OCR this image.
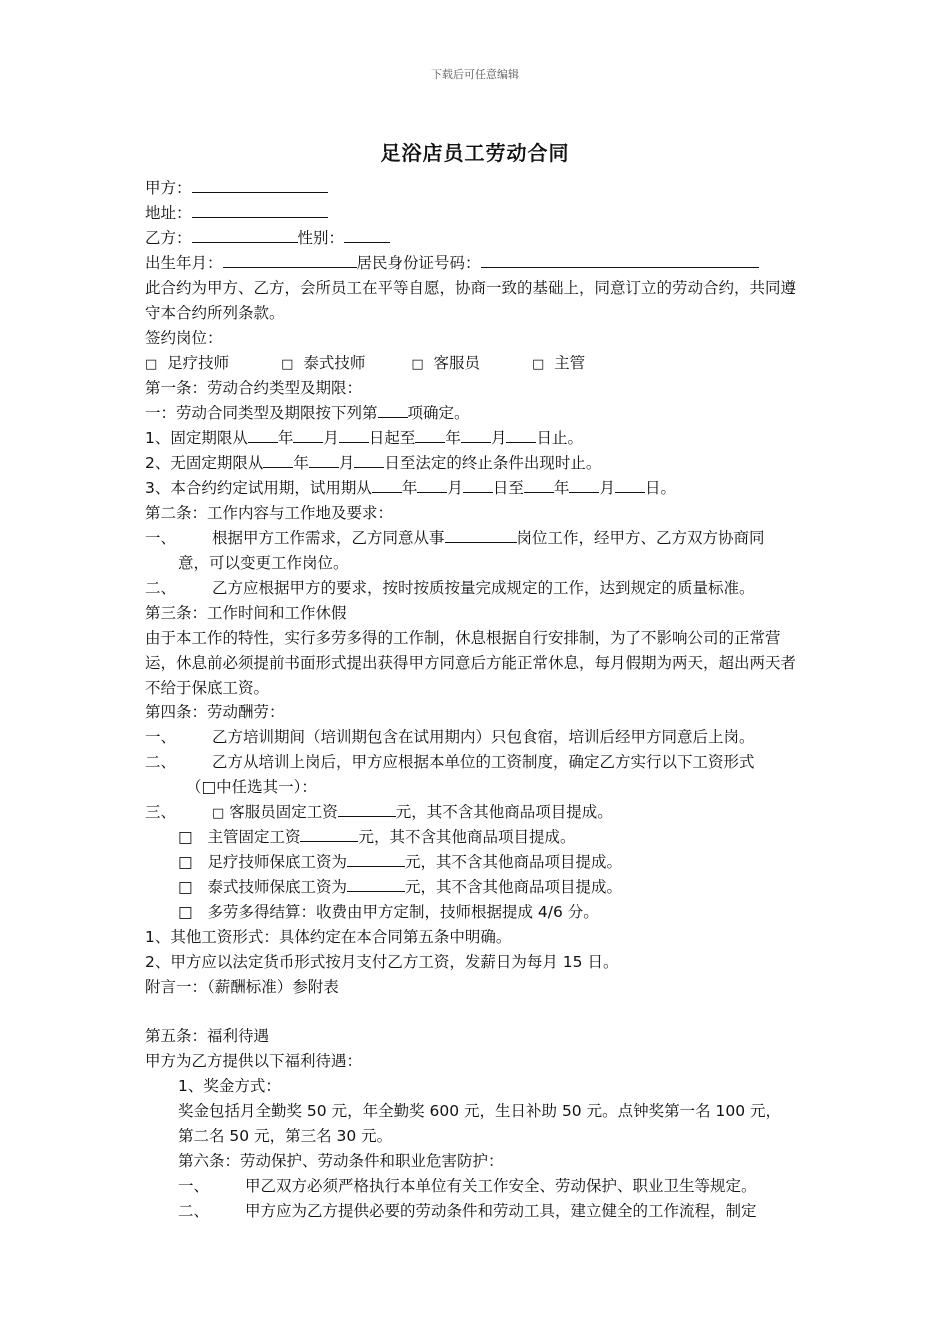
下载后可任意编辑
足浴店员工劳动合同
甲方：
地址：
乙方：	性别：
出生年月：	居民身份证号码：
此合约为甲方、乙方，会所员工在平等自愿，协商一致的基础上，同意订立的劳动合约，共同遵守本合约所列条款。
签约岗位：
□ 足疗技师	□ 泰式技师	□ 客服员	□ 主管
第一条：劳动合约类型及期限：
一：劳动合同类型及期限按下列第 项确定。
1、固定期限从 年 月 日起至 年 月 日止。
2、无固定期限从 年 月 日至法定的终止条件出现时止。
3、本合约约定试用期，试用期从 年 月 日至 年 月 日。
第二条：工作内容与工作地及要求：
一、 根据甲方工作需求，乙方同意从事	岗位工作，经甲方、乙方双方协商同
意，可以变更工作岗位。
二、 乙方应根据甲方的要求，按时按质按量完成规定的工作，达到规定的质量标准。
第三条：工作时间和工作休假
由于本工作的特性，实行多劳多得的工作制，休息根据自行安排制，为了不影响公司的正常营运，休息前必须提前书面形式提出获得甲方同意后方能正常休息，每月假期为两天，超出两天者不给于保底工资。
第四条：劳动酬劳：
一、 乙方培训期间（培训期包含在试用期内）只包食宿，培训后经甲方同意后上岗。
二、 乙方从培训上岗后，甲方应根据本单位的工资制度，确定乙方实行以下工资形式
（□中任选其一）：
三、	□ 客服员固定工资	元，其不含其他商品项目提成。
□ 主管固定工资	元，其不含其他商品项目提成。
□ 足疗技师保底工资为	元，其不含其他商品项目提成。
□ 泰式技师保底工资为	元，其不含其他商品项目提成。
□ 多劳多得结算：收费由甲方定制，技师根据提成 4/6 分。
1、其他工资形式：具体约定在本合同第五条中明确。
2、甲方应以法定货币形式按月支付乙方工资，发薪日为每月 15 日。
附言一：（薪酬标准）参附表
第五条：福利待遇
甲方为乙方提供以下福利待遇：
1、奖金方式：
奖金包括月全勤奖 50 元，年全勤奖 600 元，生日补助 50 元。点钟奖第一名 100 元，
第二名 50 元，第三名 30 元。
第六条：劳动保护、劳动条件和职业危害防护：
一、 甲乙双方必须严格执行本单位有关工作安全、劳动保护、职业卫生等规定。
二、 甲方应为乙方提供必要的劳动条件和劳动工具，建立健全的工作流程，制定
